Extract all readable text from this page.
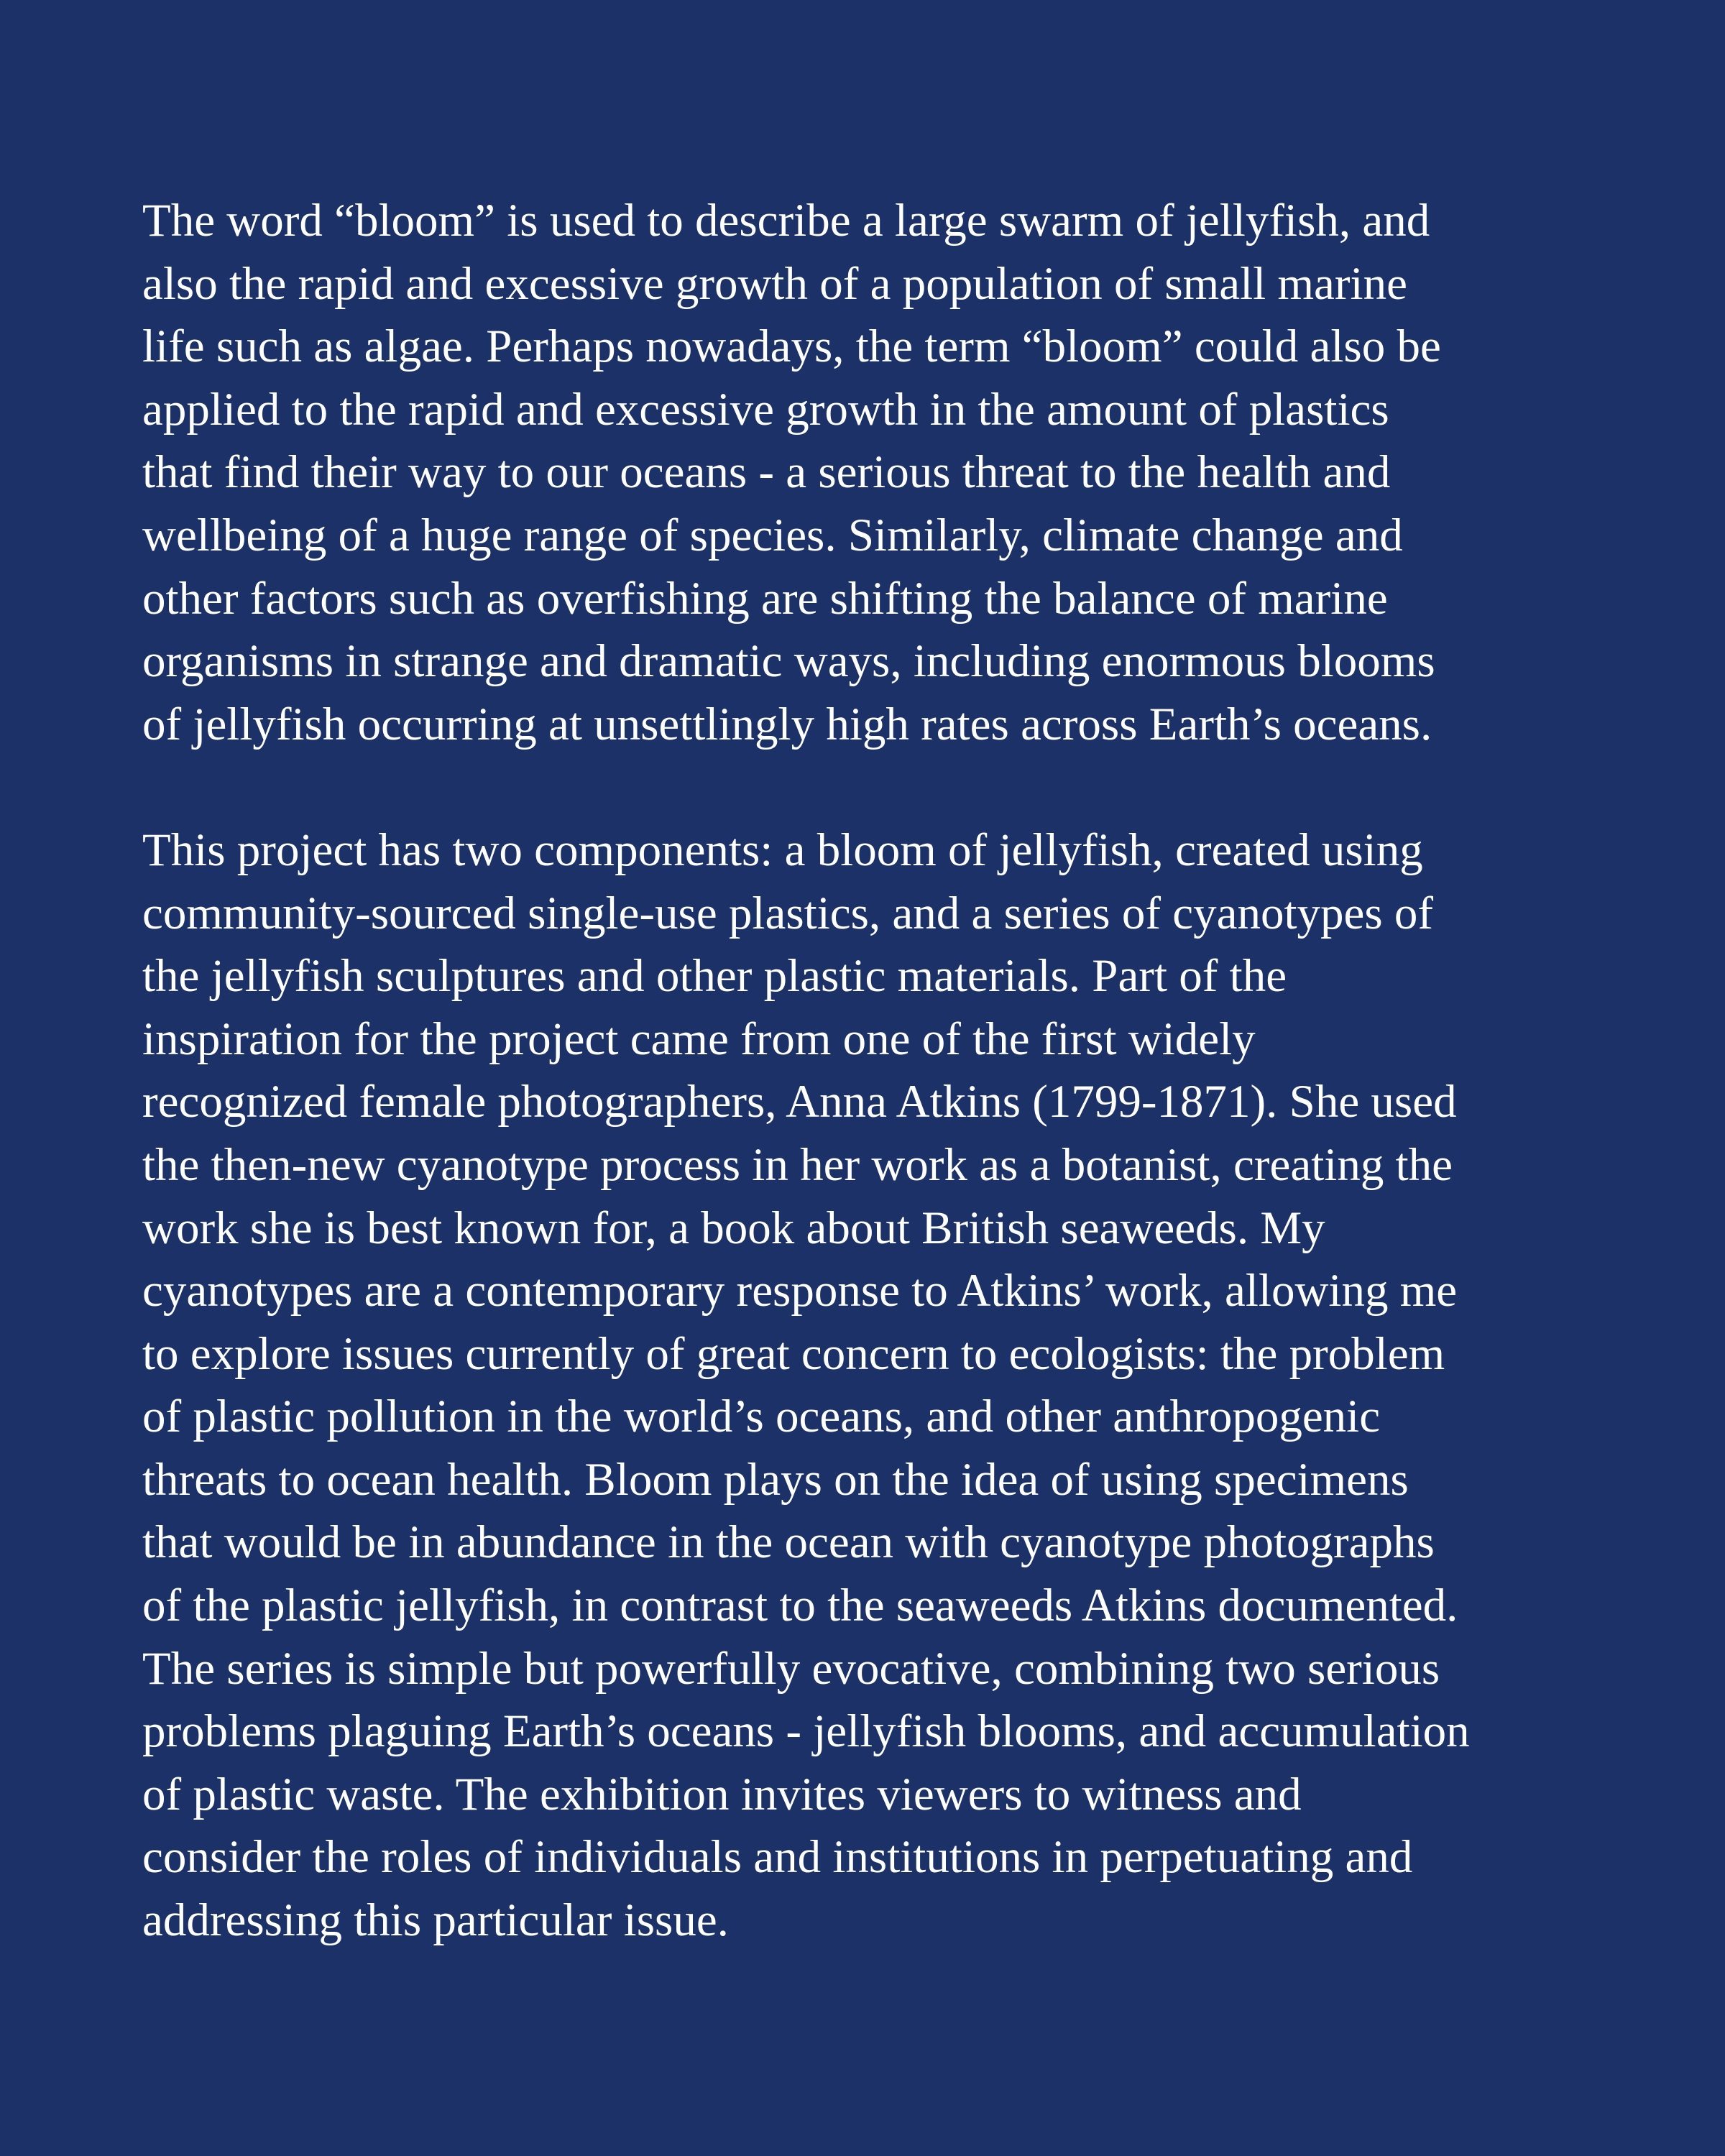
The word “bloom” is used to describe a large swarm of jellyfish, and
also the rapid and excessive growth of a population of small marine
life such as algae. Perhaps nowadays, the term “bloom” could also be
applied to the rapid and excessive growth in the amount of plastics
that find their way to our oceans - a serious threat to the health and
wellbeing of a huge range of species. Similarly, climate change and
other factors such as overfishing are shifting the balance of marine
organisms in strange and dramatic ways, including enormous blooms
of jellyfish occurring at unsettlingly high rates across Earth’s oceans.

This project has two components: a bloom of jellyfish, created using
community-sourced single-use plastics, and a series of cyanotypes of
the jellyfish sculptures and other plastic materials. Part of the
inspiration for the project came from one of the first widely
recognized female photographers, Anna Atkins (1799-1871). She used
the then-new cyanotype process in her work as a botanist, creating the
work she is best known for, a book about British seaweeds. My
cyanotypes are a contemporary response to Atkins’ work, allowing me
to explore issues currently of great concern to ecologists: the problem
of plastic pollution in the world’s oceans, and other anthropogenic
threats to ocean health. Bloom plays on the idea of using specimens
that would be in abundance in the ocean with cyanotype photographs
of the plastic jellyfish, in contrast to the seaweeds Atkins documented.
The series is simple but powerfully evocative, combining two serious
problems plaguing Earth’s oceans - jellyfish blooms, and accumulation
of plastic waste. The exhibition invites viewers to witness and
consider the roles of individuals and institutions in perpetuating and
addressing this particular issue.
